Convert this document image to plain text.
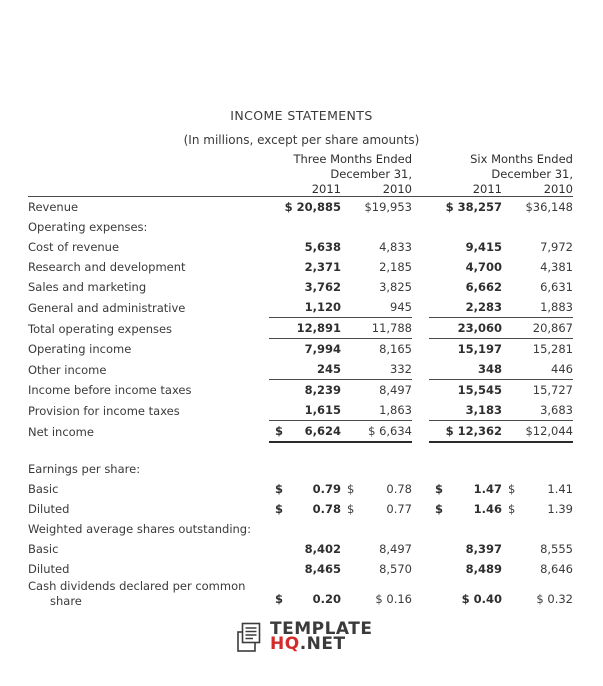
INCOME STATEMENTS
(In millions, except per share amounts)

Three Months Ended
December 31,

Six Months Ended
December 31,

	2011	2010		2011	2010
Revenue	$ 20,885	$19,953		$ 38,257	$36,148
Operating expenses:					
Cost of revenue	5,638	4,833		9,415	7,972
Research and development	2,371	2,185		4,700	4,381
Sales and marketing	3,762	3,825		6,662	6,631
General and administrative	1,120	945		2,283	1,883
Total operating expenses	12,891	11,788		23,060	20,867
Operating income	7,994	8,165		15,197	15,281
Other income	245	332		348	446
Income before income taxes	8,239	8,497		15,545	15,727
Provision for income taxes	1,615	1,863		3,183	3,683
Net income	$ 6,624	$ 6,634		$ 12,362	$12,044

Earnings per share:					
Basic	$ 0.79	$ 0.78		$ 1.47	$ 1.41
Diluted	$ 0.78	$ 0.77		$ 1.46	$ 1.39
Weighted average shares outstanding:					
Basic	8,402	8,497		8,397	8,555
Diluted	8,465	8,570		8,489	8,646

Cash dividends declared per common
share	$	0.20	$ 0.16		$ 0.40	$ 0.32
TEMPLATE
HQ.NET
